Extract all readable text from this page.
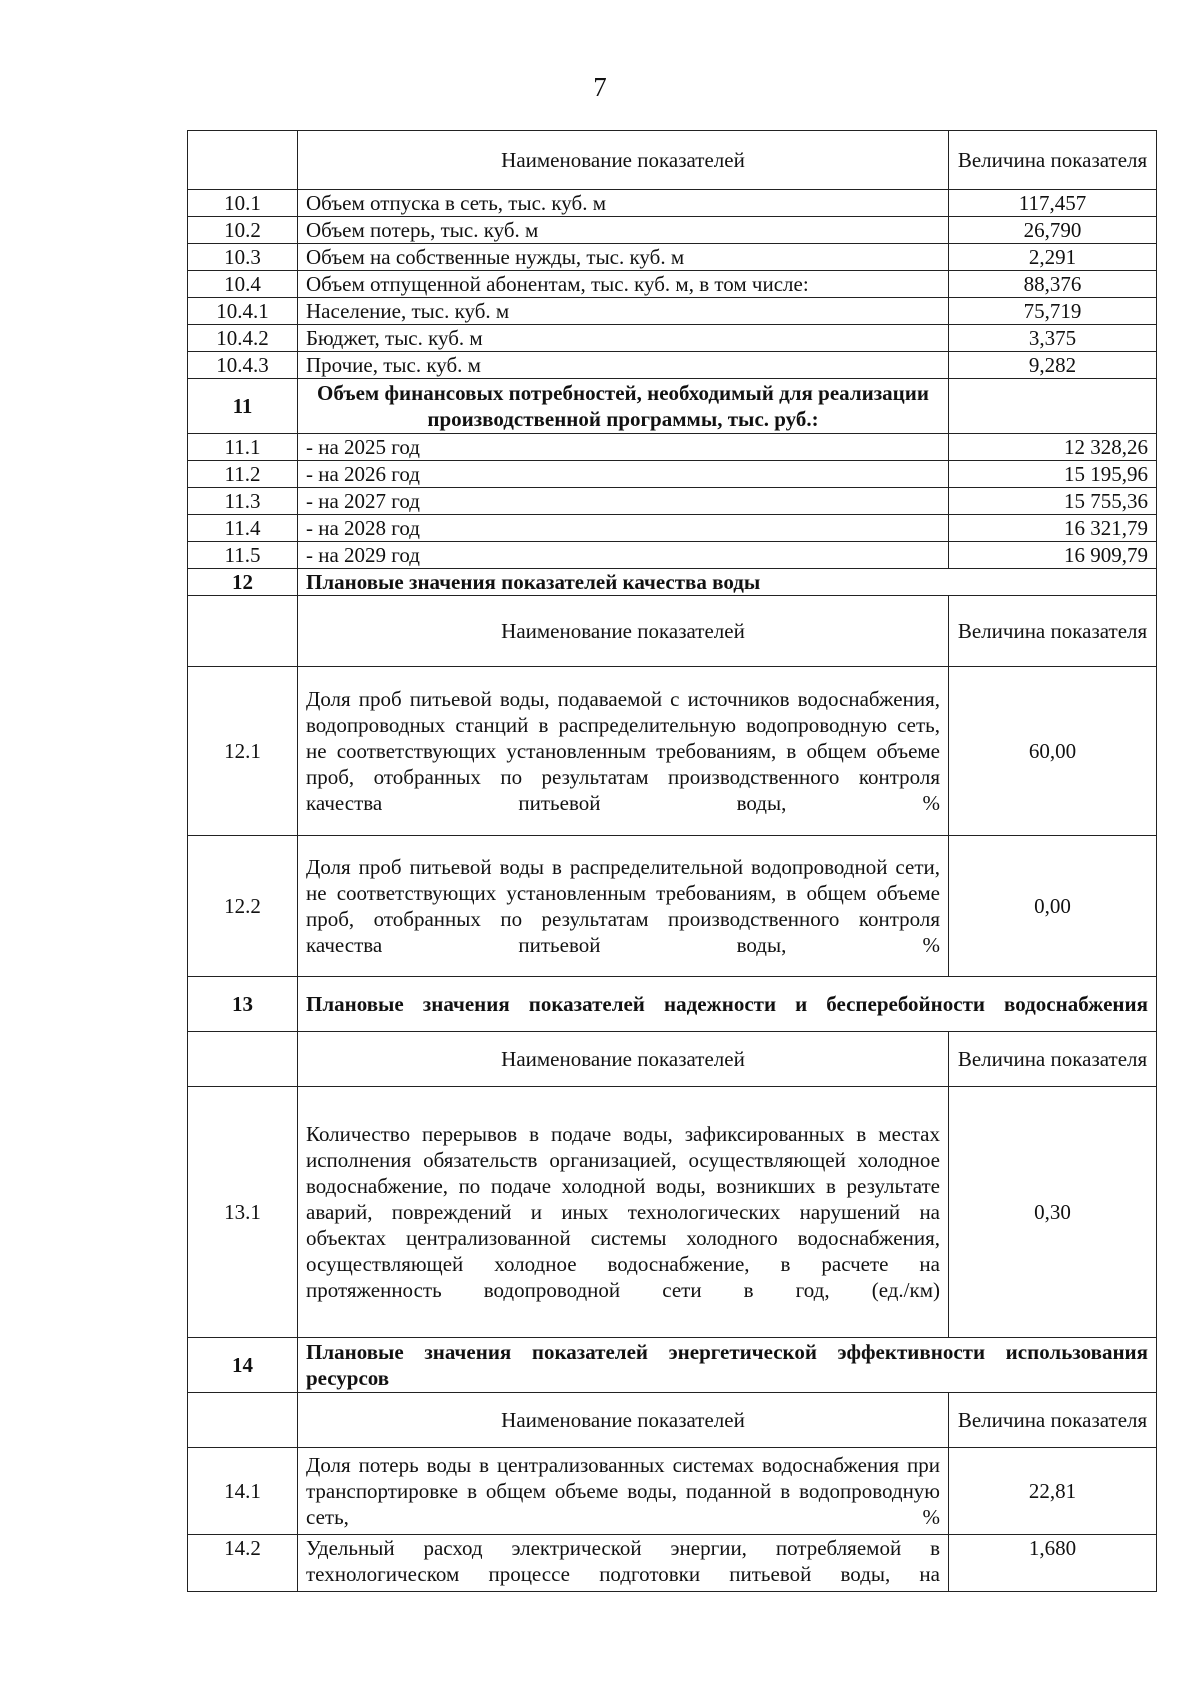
7
	Наименование показателей	Величина показателя
10.1	Объем отпуска в сеть, тыс. куб. м	117,457
10.2	Объем потерь, тыс. куб. м	26,790
10.3	Объем на собственные нужды, тыс. куб. м	2,291
10.4	Объем отпущенной абонентам, тыс. куб. м, в том числе:	88,376
10.4.1	Население, тыс. куб. м	75,719
10.4.2	Бюджет, тыс. куб. м	3,375
10.4.3	Прочие, тыс. куб. м	9,282
11	Объем финансовых потребностей, необходимый для реализации производственной программы, тыс. руб.:	
11.1	- на 2025 год	12 328,26
11.2	- на 2026 год	15 195,96
11.3	- на 2027 год	15 755,36
11.4	- на 2028 год	16 321,79
11.5	- на 2029 год	16 909,79
12	Плановые значения показателей качества воды	
	Наименование показателей	Величина показателя
12.1	Доля проб питьевой воды, подаваемой с источников водоснабжения, водопроводных станций в распределительную водопроводную сеть, не соответствующих установленным требованиям, в общем объеме проб, отобранных по результатам производственного контроля качества питьевой воды, %	60,00
12.2	Доля проб питьевой воды в распределительной водопроводной сети, не соответствующих установленным требованиям, в общем объеме проб, отобранных по результатам производственного контроля качества питьевой воды, %	0,00
13	Плановые значения показателей надежности и бесперебойности водоснабжения	
	Наименование показателей	Величина показателя
13.1	Количество перерывов в подаче воды, зафиксированных в местах исполнения обязательств организацией, осуществляющей холодное водоснабжение, по подаче холодной воды, возникших в результате аварий, повреждений и иных технологических нарушений на объектах централизованной системы холодного водоснабжения, осуществляющей холодное водоснабжение, в расчете на протяженность водопроводной сети в год, (ед./км)	0,30
14	Плановые значения показателей энергетической эффективности использования ресурсов	
	Наименование показателей	Величина показателя
14.1	Доля потерь воды в централизованных системах водоснабжения при транспортировке в общем объеме воды, поданной в водопроводную сеть, %	22,81
14.2	Удельный расход электрической энергии, потребляемой в технологическом процессе подготовки питьевой воды, на	1,680
